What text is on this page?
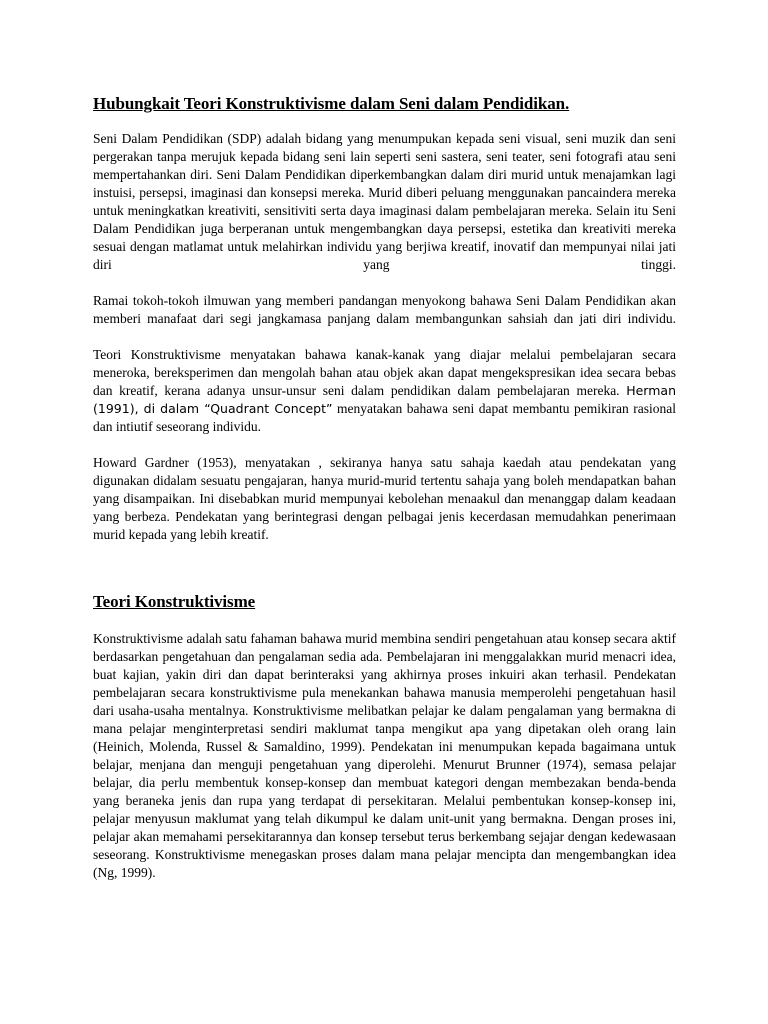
Hubungkait Teori Konstruktivisme dalam Seni dalam Pendidikan.

Seni Dalam Pendidikan (SDP) adalah bidang yang menumpukan kepada seni visual, seni muzik dan seni pergerakan tanpa merujuk kepada bidang seni lain seperti seni sastera, seni teater, seni fotografi atau seni mempertahankan diri. Seni Dalam Pendidikan diperkembangkan dalam diri murid untuk menajamkan lagi instuisi, persepsi, imaginasi dan konsepsi mereka. Murid diberi peluang menggunakan pancaindera mereka untuk meningkatkan kreativiti, sensitiviti serta daya imaginasi dalam pembelajaran mereka. Selain itu Seni Dalam Pendidikan juga berperanan untuk mengembangkan daya persepsi, estetika dan kreativiti mereka sesuai dengan matlamat untuk melahirkan individu yang berjiwa kreatif, inovatif dan mempunyai nilai jati diri yang tinggi.

Ramai tokoh-tokoh ilmuwan yang memberi pandangan menyokong bahawa Seni Dalam Pendidikan akan memberi manafaat dari segi jangkamasa panjang dalam membangunkan sahsiah dan jati diri individu.

Teori Konstruktivisme menyatakan bahawa kanak-kanak yang diajar melalui pembelajaran secara meneroka, bereksperimen dan mengolah bahan atau objek akan dapat mengekspresikan idea secara bebas dan kreatif, kerana adanya unsur-unsur seni dalam pendidikan dalam pembelajaran mereka. Herman (1991), di dalam “Quadrant Concept” menyatakan bahawa seni dapat membantu pemikiran rasional dan intiutif seseorang individu.

Howard Gardner (1953), menyatakan , sekiranya hanya satu sahaja kaedah atau pendekatan yang digunakan didalam sesuatu pengajaran, hanya murid-murid tertentu sahaja yang boleh mendapatkan bahan yang disampaikan. Ini disebabkan murid mempunyai kebolehan menaakul dan menanggap dalam keadaan yang berbeza. Pendekatan yang berintegrasi dengan pelbagai jenis kecerdasan memudahkan penerimaan murid kepada yang lebih kreatif.

Teori Konstruktivisme

Konstruktivisme adalah satu fahaman bahawa murid membina sendiri pengetahuan atau konsep secara aktif berdasarkan pengetahuan dan pengalaman sedia ada. Pembelajaran ini menggalakkan murid menacri idea, buat kajian, yakin diri dan dapat berinteraksi yang akhirnya proses inkuiri akan terhasil. Pendekatan pembelajaran secara konstruktivisme pula menekankan bahawa manusia memperolehi pengetahuan hasil dari usaha-usaha mentalnya. Konstruktivisme melibatkan pelajar ke dalam pengalaman yang bermakna di mana pelajar menginterpretasi sendiri maklumat tanpa mengikut apa yang dipetakan oleh orang lain (Heinich, Molenda, Russel & Samaldino, 1999). Pendekatan ini menumpukan kepada bagaimana untuk belajar, menjana dan menguji pengetahuan yang diperolehi. Menurut Brunner (1974), semasa pelajar belajar, dia perlu membentuk konsep-konsep dan membuat kategori dengan membezakan benda-benda yang beraneka jenis dan rupa yang terdapat di persekitaran. Melalui pembentukan konsep-konsep ini, pelajar menyusun maklumat yang telah dikumpul ke dalam unit-unit yang bermakna. Dengan proses ini, pelajar akan memahami persekitarannya dan konsep tersebut terus berkembang sejajar dengan kedewasaan seseorang. Konstruktivisme menegaskan proses dalam mana pelajar mencipta dan mengembangkan idea (Ng, 1999).
